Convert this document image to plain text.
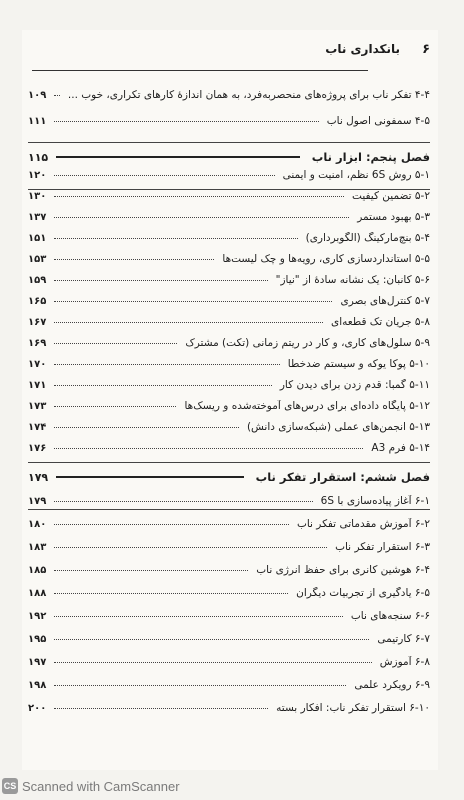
۶
بانکداری ناب
۴-۴ تفکر ناب برای پروژه‌های منحصربه‌فرد، به همان اندازهٔ کارهای تکراری، خوب ...
۱۰۹
۴-۵ سمفونی اصول ناب
۱۱۱
فصل پنجم: ابزار ناب
۱۱۵
۵-۱ روش 6S نظم، امنیت و ایمنی
۱۲۰
۵-۲ تضمین کیفیت
۱۳۰
۵-۳ بهبود مستمر
۱۳۷
۵-۴ بنچ‌مارکینگ (الگوبرداری)
۱۵۱
۵-۵ استانداردسازی کاری، رویه‌ها و چک لیست‌ها
۱۵۳
۵-۶ کانبان: یک نشانه سادهٔ از "نیاز"
۱۵۹
۵-۷ کنترل‌های بصری
۱۶۵
۵-۸ جریان تک قطعه‌ای
۱۶۷
۵-۹ سلول‌های کاری، و کار در ریتم زمانی (تکت) مشترک
۱۶۹
۵-۱۰ پوکا یوکه و سیستم ضدخطا
۱۷۰
۵-۱۱ گمبا: قدم زدن برای دیدن کار
۱۷۱
۵-۱۲ پایگاه داده‌ای برای درس‌های آموخته‌شده و ریسک‌ها
۱۷۳
۵-۱۳ انجمن‌های عملی (شبکه‌سازی دانش)
۱۷۴
۵-۱۴ فرم A3
۱۷۶
فصل ششم: استقرار تفکر ناب
۱۷۹
۶-۱ آغاز پیاده‌سازی با 6S
۱۷۹
۶-۲ آموزش مقدماتی تفکر ناب
۱۸۰
۶-۳ استقرار تفکر ناب
۱۸۳
۶-۴ هوشین کانری برای حفظ انرژی ناب
۱۸۵
۶-۵ یادگیری از تجربیات دیگران
۱۸۸
۶-۶ سنجه‌های ناب
۱۹۲
۶-۷ کارتیمی
۱۹۵
۶-۸ آموزش
۱۹۷
۶-۹ رویکرد علمی
۱۹۸
۶-۱۰ استقرار تفکر ناب: افکار بسته
۲۰۰
CS Scanned with CamScanner
